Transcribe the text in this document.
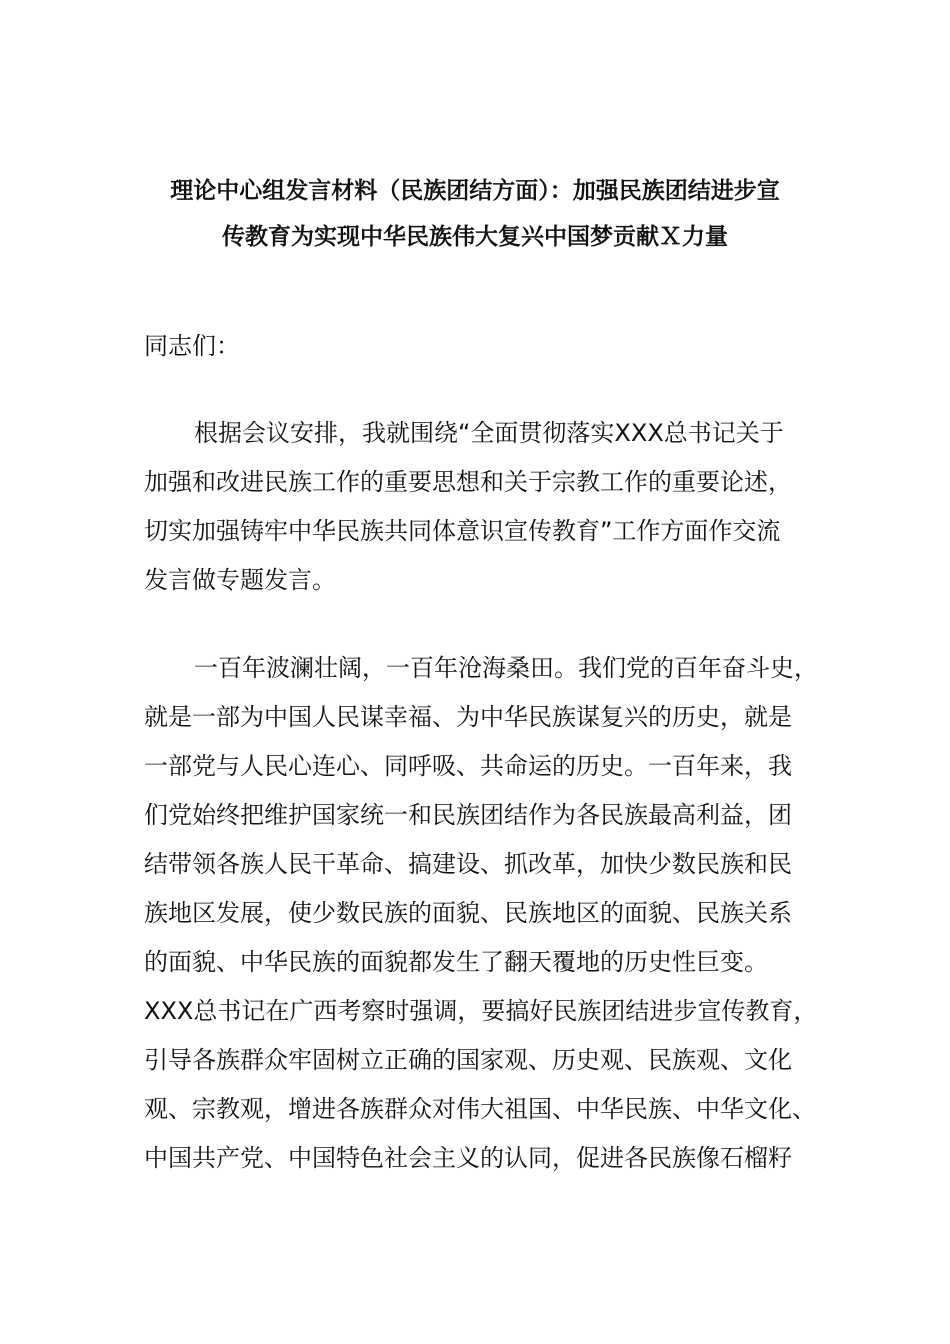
理论中心组发言材料（民族团结方面）：加强民族团结进步宣
传教育为实现中华民族伟大复兴中国梦贡献Ｘ力量
同志们：
根据会议安排，我就围绕“全面贯彻落实XXX总书记关于
加强和改进民族工作的重要思想和关于宗教工作的重要论述，
切实加强铸牢中华民族共同体意识宣传教育”工作方面作交流
发言做专题发言。
一百年波澜壮阔，一百年沧海桑田。我们党的百年奋斗史，
就是一部为中国人民谋幸福、为中华民族谋复兴的历史，就是
一部党与人民心连心、同呼吸、共命运的历史。一百年来，我
们党始终把维护国家统一和民族团结作为各民族最高利益，团
结带领各族人民干革命、搞建设、抓改革，加快少数民族和民
族地区发展，使少数民族的面貌、民族地区的面貌、民族关系
的面貌、中华民族的面貌都发生了翻天覆地的历史性巨变。
XXX总书记在广西考察时强调，要搞好民族团结进步宣传教育，
引导各族群众牢固树立正确的国家观、历史观、民族观、文化
观、宗教观，增进各族群众对伟大祖国、中华民族、中华文化、
中国共产党、中国特色社会主义的认同，促进各民族像石榴籽
